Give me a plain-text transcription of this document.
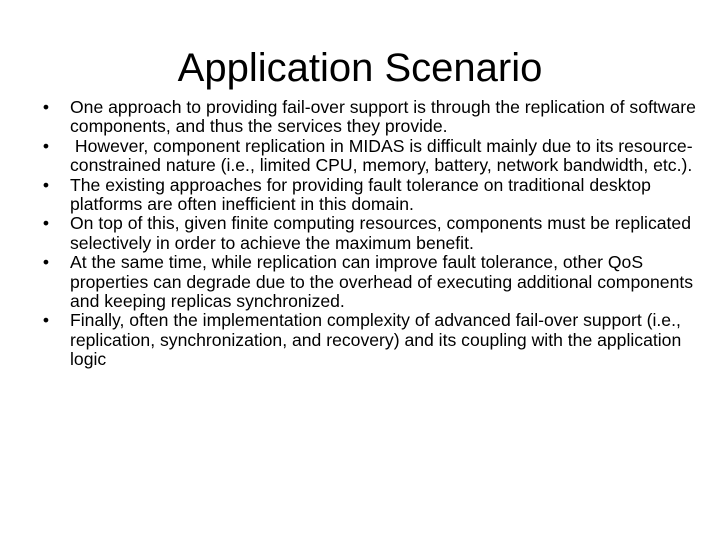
Application Scenario
•	One approach to providing fail-over support is through the replication of software components, and thus the services they provide.
•	However, component replication in MIDAS is difficult mainly due to its resource-constrained nature (i.e., limited CPU, memory, battery, network bandwidth, etc.).
•	The existing approaches for providing fault tolerance on traditional desktop platforms are often inefficient in this domain.
•	On top of this, given finite computing resources, components must be replicated selectively in order to achieve the maximum benefit.
•	At the same time, while replication can improve fault tolerance, other QoS properties can degrade due to the overhead of executing additional components and keeping replicas synchronized.
•	Finally, often the implementation complexity of advanced fail-over support (i.e., replication, synchronization, and recovery) and its coupling with the application logic
